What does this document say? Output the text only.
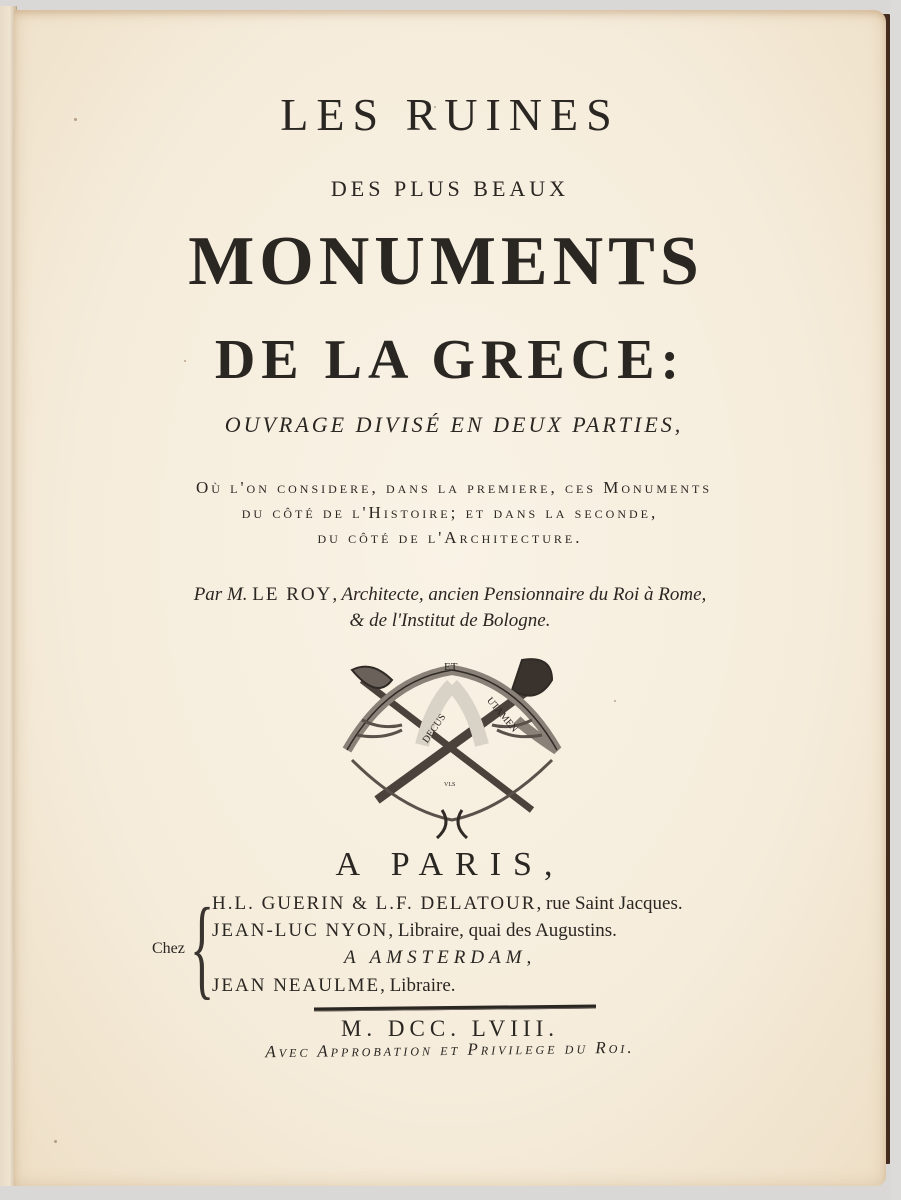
LES RUINES
DES PLUS BEAUX
MONUMENTS
DE LA GRECE:
OUVRAGE DIVISÉ EN DEUX PARTIES,
Où l'on considere, dans la premiere, ces Monuments
du côté de l'Histoire; et dans la seconde,
du côté de l'Architecture.
Par M. LE ROY, Architecte, ancien Pensionnaire du Roi à Rome,
& de l'Institut de Bologne.
ET
DECUS	UTAMEN
VLS
A PARIS,
Chez {
H.L. GUERIN & L.F. DELATOUR, rue Saint Jacques.
JEAN-LUC NYON, Libraire, quai des Augustins.
A AMSTERDAM,
JEAN NEAULME, Libraire.
M. DCC. LVIII.
Avec Approbation et Privilege du Roi.
